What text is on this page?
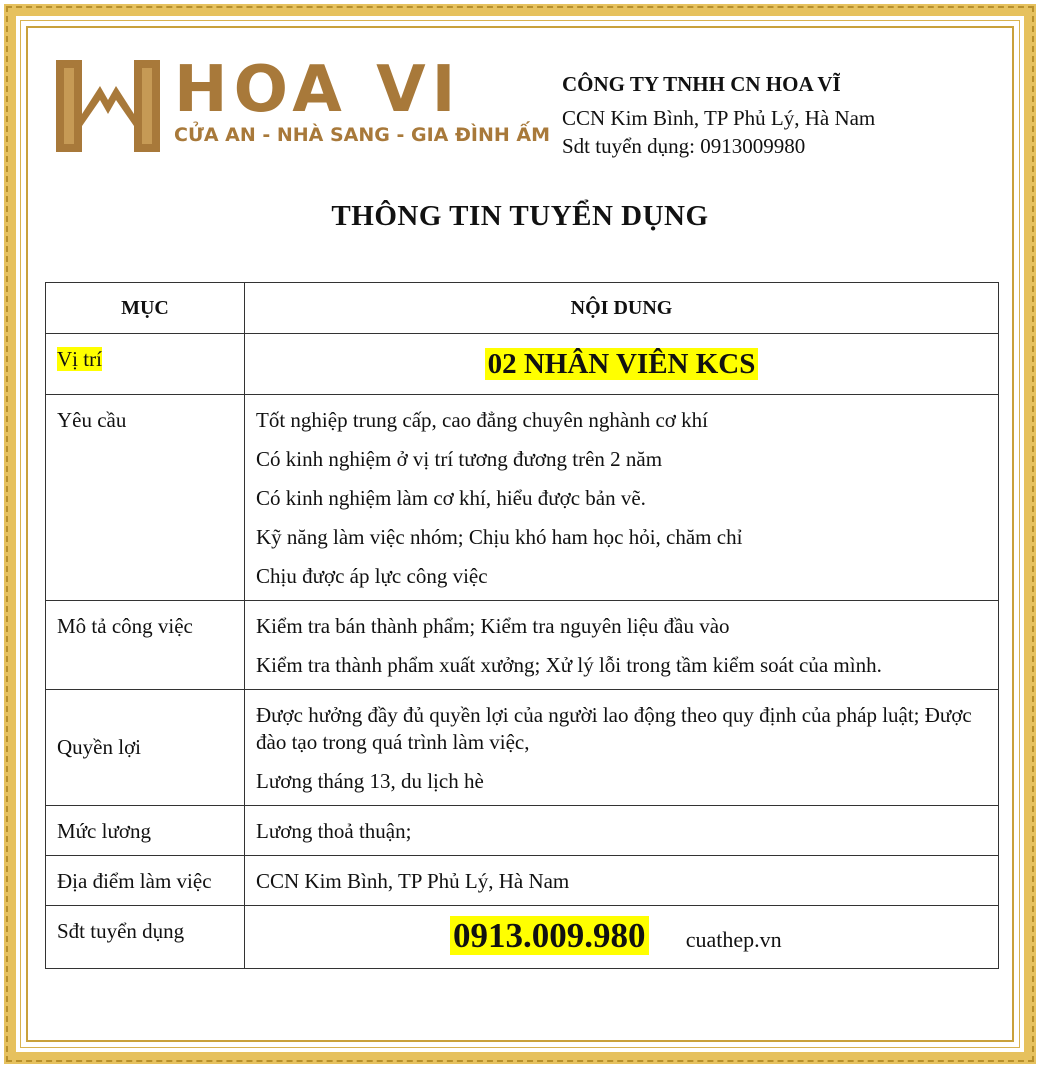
HOA VI
CỬA AN - NHÀ SANG - GIA ĐÌNH ẤM
CÔNG TY TNHH CN HOA VĨ
CCN Kim Bình, TP Phủ Lý, Hà Nam
Sdt tuyển dụng: 0913009980
THÔNG TIN TUYỂN DỤNG
MỤC	NỘI DUNG

Vị trí	02 NHÂN VIÊN KCS

Yêu cầu	Tốt nghiệp trung cấp, cao đẳng chuyên nghành cơ khí

Có kinh nghiệm ở vị trí tương đương trên 2 năm

Có kinh nghiệm làm cơ khí, hiểu được bản vẽ.

Kỹ năng làm việc nhóm; Chịu khó ham học hỏi, chăm chỉ

Chịu được áp lực công việc

Mô tả công việc	Kiểm tra bán thành phẩm; Kiểm tra nguyên liệu đầu vào

Kiểm tra thành phẩm xuất xưởng; Xử lý lỗi trong tầm kiểm soát của mình.

Quyền lợi	Được hưởng đầy đủ quyền lợi của người lao động theo quy định của pháp luật; Được đào tạo trong quá trình làm việc,

Lương tháng 13, du lịch hè

Mức lương	Lương thoả thuận;

Địa điểm làm việc	CCN Kim Bình, TP Phủ Lý, Hà Nam

Sđt tuyển dụng	0913.009.980 cuathep.vn
